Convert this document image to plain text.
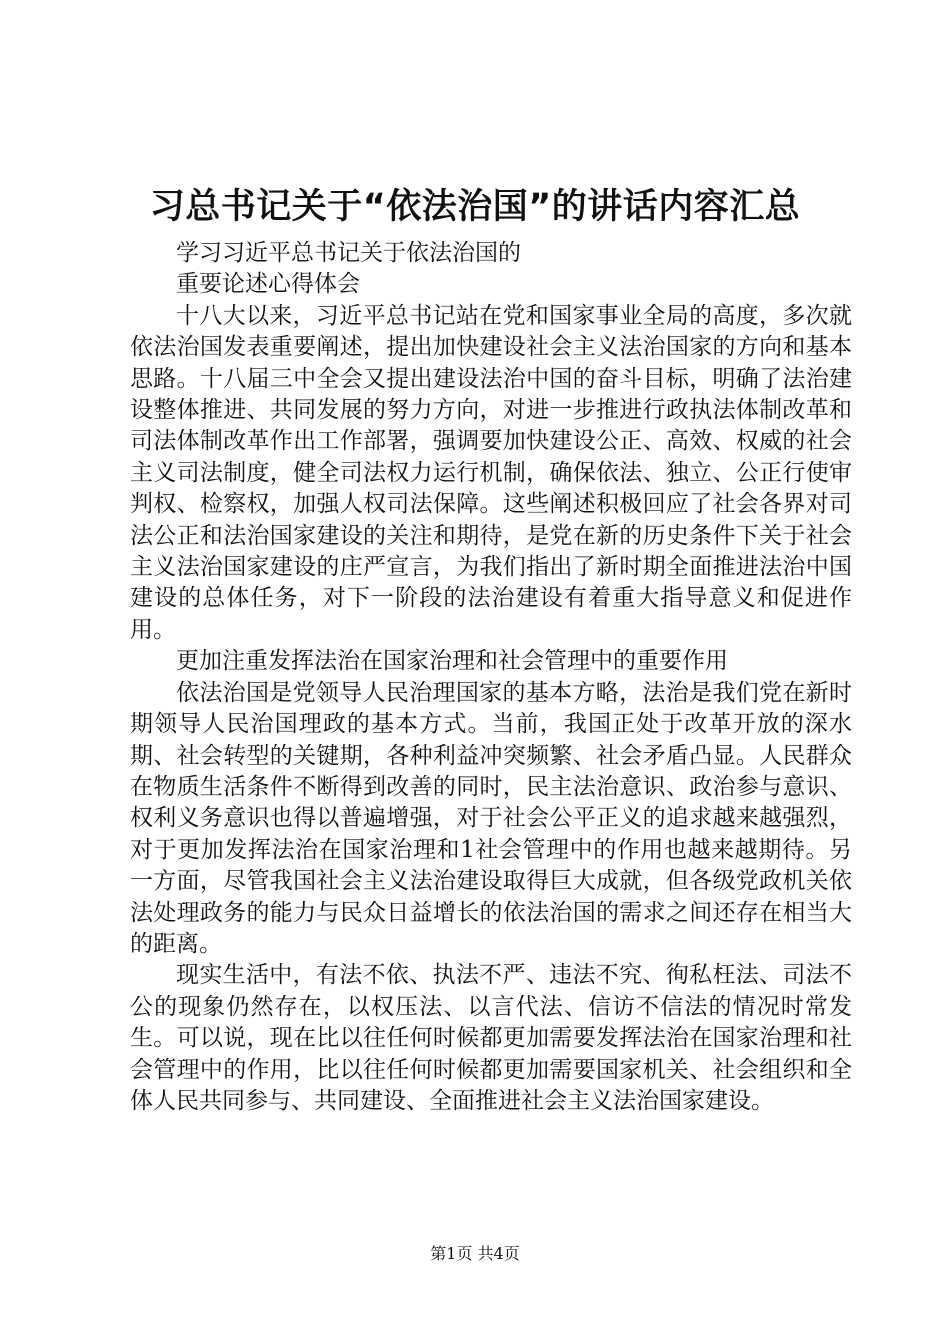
习总书记关于“依法治国”的讲话内容汇总

学习习近平总书记关于依法治国的

重要论述心得体会

十八大以来，习近平总书记站在党和国家事业全局的高度，多次就依法治国发表重要阐述，提出加快建设社会主义法治国家的方向和基本思路。十八届三中全会又提出建设法治中国的奋斗目标，明确了法治建设整体推进、共同发展的努力方向，对进一步推进行政执法体制改革和司法体制改革作出工作部署，强调要加快建设公正、高效、权威的社会主义司法制度，健全司法权力运行机制，确保依法、独立、公正行使审判权、检察权，加强人权司法保障。这些阐述积极回应了社会各界对司法公正和法治国家建设的关注和期待，是党在新的历史条件下关于社会主义法治国家建设的庄严宣言，为我们指出了新时期全面推进法治中国建设的总体任务，对下一阶段的法治建设有着重大指导意义和促进作用。

更加注重发挥法治在国家治理和社会管理中的重要作用

依法治国是党领导人民治理国家的基本方略，法治是我们党在新时期领导人民治国理政的基本方式。当前，我国正处于改革开放的深水期、社会转型的关键期，各种利益冲突频繁、社会矛盾凸显。人民群众在物质生活条件不断得到改善的同时，民主法治意识、政治参与意识、权利义务意识也得以普遍增强，对于社会公平正义的追求越来越强烈，对于更加发挥法治在国家治理和1社会管理中的作用也越来越期待。另一方面，尽管我国社会主义法治建设取得巨大成就，但各级党政机关依法处理政务的能力与民众日益增长的依法治国的需求之间还存在相当大的距离。

现实生活中，有法不依、执法不严、违法不究、徇私枉法、司法不公的现象仍然存在，以权压法、以言代法、信访不信法的情况时常发生。可以说，现在比以往任何时候都更加需要发挥法治在国家治理和社会管理中的作用，比以往任何时候都更加需要国家机关、社会组织和全体人民共同参与、共同建设、全面推进社会主义法治国家建设。

第1页 共4页
